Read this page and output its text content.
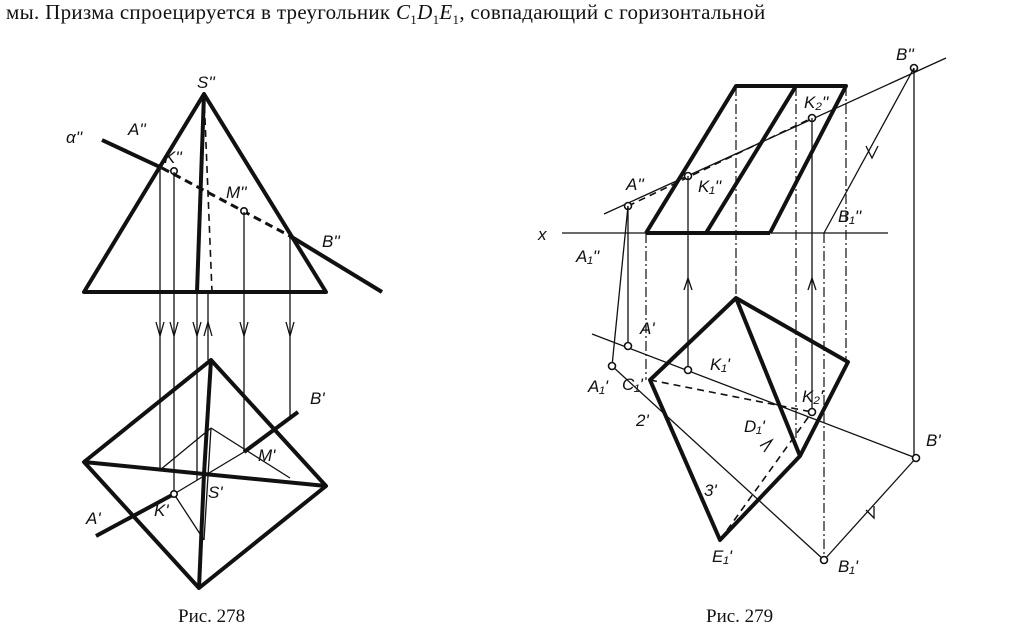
мы. Призма спроецируется в треугольник $C_1D_1E_1$, совпадающий с горизонтальной
S''
α''	A''
K''
M''
B''
B'
M'
S'
K'
A'
Рис. 278
x
B''
K₂''
A''	K₁''
B₁''
A₁''
A'
K₁'
A₁' C₁'
K₂'
2'	D₁'
B'
3'
E₁'
B₁'
Рис. 279
